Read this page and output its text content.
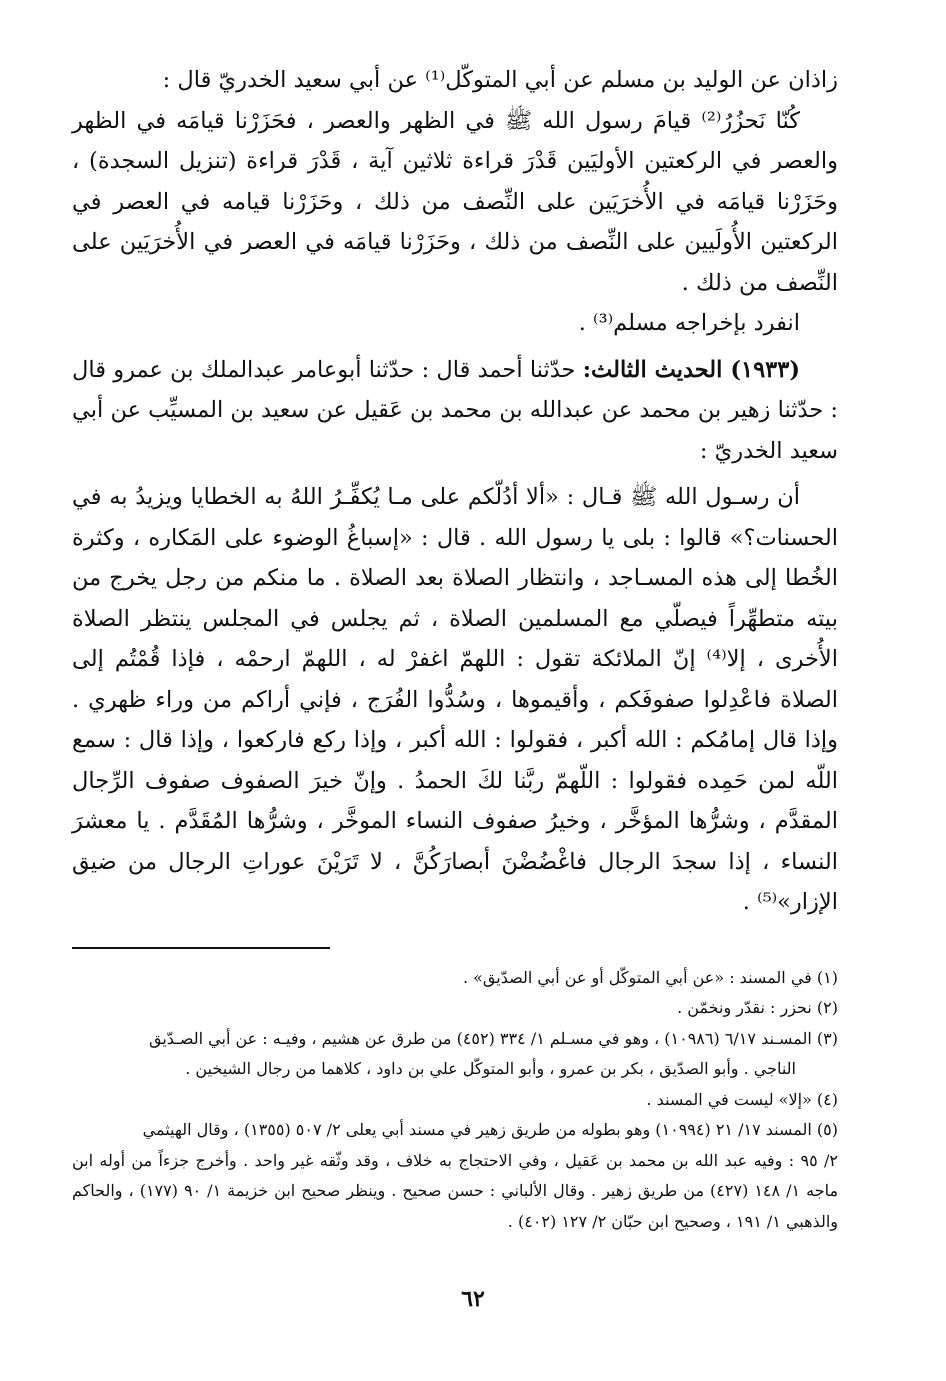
زاذان عن الوليد بن مسلم عن أبي المتوكّل⁽¹⁾ عن أبي سعيد الخدريّ قال :

كُنّا نَحزُرُ⁽²⁾ قيامَ رسول الله ﷺ في الظهر والعصر ، فحَزَرْنا قيامَه في الظهر والعصر في الركعتين الأوليَين قَدْرَ قراءة ثلاثين آية ، قَدْرَ قراءة (تنزيل السجدة) ، وحَزَرْنا قيامَه في الأُخرَيَين على النِّصف من ذلك ، وحَزَرْنا قيامه في العصر في الركعتين الأُولَيين على النِّصف من ذلك ، وحَزَرْنا قيامَه في العصر في الأُخرَيَين على النِّصف من ذلك .

انفرد بإخراجه مسلم⁽³⁾ .

(١٩٣٣) الحديث الثالث: حدّثنا أحمد قال : حدّثنا أبوعامر عبدالملك بن عمرو قال : حدّثنا زهير بن محمد عن عبدالله بن محمد بن عَقيل عن سعيد بن المسيِّب عن أبي سعيد الخدريّ :

أن رسـول الله ﷺ قـال : «ألا أدُلّكم على مـا يُكفِّـرُ اللهُ به الخطايا ويزيدُ به في الحسنات؟» قالوا : بلى يا رسول الله . قال : «إسباغُ الوضوء على المَكاره ، وكثرة الخُطا إلى هذه المسـاجد ، وانتظار الصلاة بعد الصلاة . ما منكم من رجل يخرج من بيته متطهِّراً فيصلّي مع المسلمين الصلاة ، ثم يجلس في المجلس ينتظر الصلاة الأُخرى ، إلا⁽⁴⁾ إنّ الملائكة تقول : اللهمّ اغفرْ له ، اللهمّ ارحمْه ، فإذا قُمْتُم إلى الصلاة فاعْدِلوا صفوفَكم ، وأقيموها ، وسُدُّوا الفُرَج ، فإني أراكم من وراء ظهري . وإذا قال إمامُكم : الله أكبر ، فقولوا : الله أكبر ، وإذا ركع فاركعوا ، وإذا قال : سمع اللّه لمن حَمِده فقولوا : اللّهمّ ربَّنا لكَ الحمدُ . وإنّ خيرَ الصفوف صفوف الرِّجال المقدَّم ، وشرُّها المؤخَّر ، وخيرُ صفوف النساء الموخَّر ، وشرُّها المُقَدَّم . يا معشرَ النساء ، إذا سجدَ الرجال فاغْضُضْنَ أبصارَكُنَّ ، لا تَرَيْنَ عوراتِ الرجال من ضيق الإزار»⁽⁵⁾ .

(١) في المسند : «عن أبي المتوكّل أو عن أبي الصدّيق» .

(٢) نحزر : نقدّر ونخمّن .

(٣) المسـند ٦/١٧ (١٠٩٨٦) ، وهو في مسـلم ١/ ٣٣٤ (٤٥٢) من طرق عن هشيم ، وفيـه : عن أبي الصـدّيق
الناجي . وأبو الصدّيق ، بكر بن عمرو ، وأبو المتوكّل علي بن داود ، كلاهما من رجال الشيخين .

(٤) «إلا» ليست في المسند .

(٥) المسند ١٧/ ٢١ (١٠٩٩٤) وهو بطوله من طريق زهير في مسند أبي يعلى ٢/ ٥٠٧ (١٣٥٥) ، وقال الهيثمي
٢/ ٩٥ : وفيه عبد الله بن محمد بن عَقيل ، وفي الاحتجاج به خلاف ، وقد وثّقه غير واحد . وأخرج جزءاً من أوله ابن ماجه ١/ ١٤٨ (٤٢٧) من طريق زهير . وقال الألباني : حسن صحيح . وينظر صحيح ابن خزيمة ١/ ٩٠ (١٧٧) ، والحاكم والذهبي ١/ ١٩١ ، وصحيح ابن حبّان ٢/ ١٢٧ (٤٠٢) .

٦٢
